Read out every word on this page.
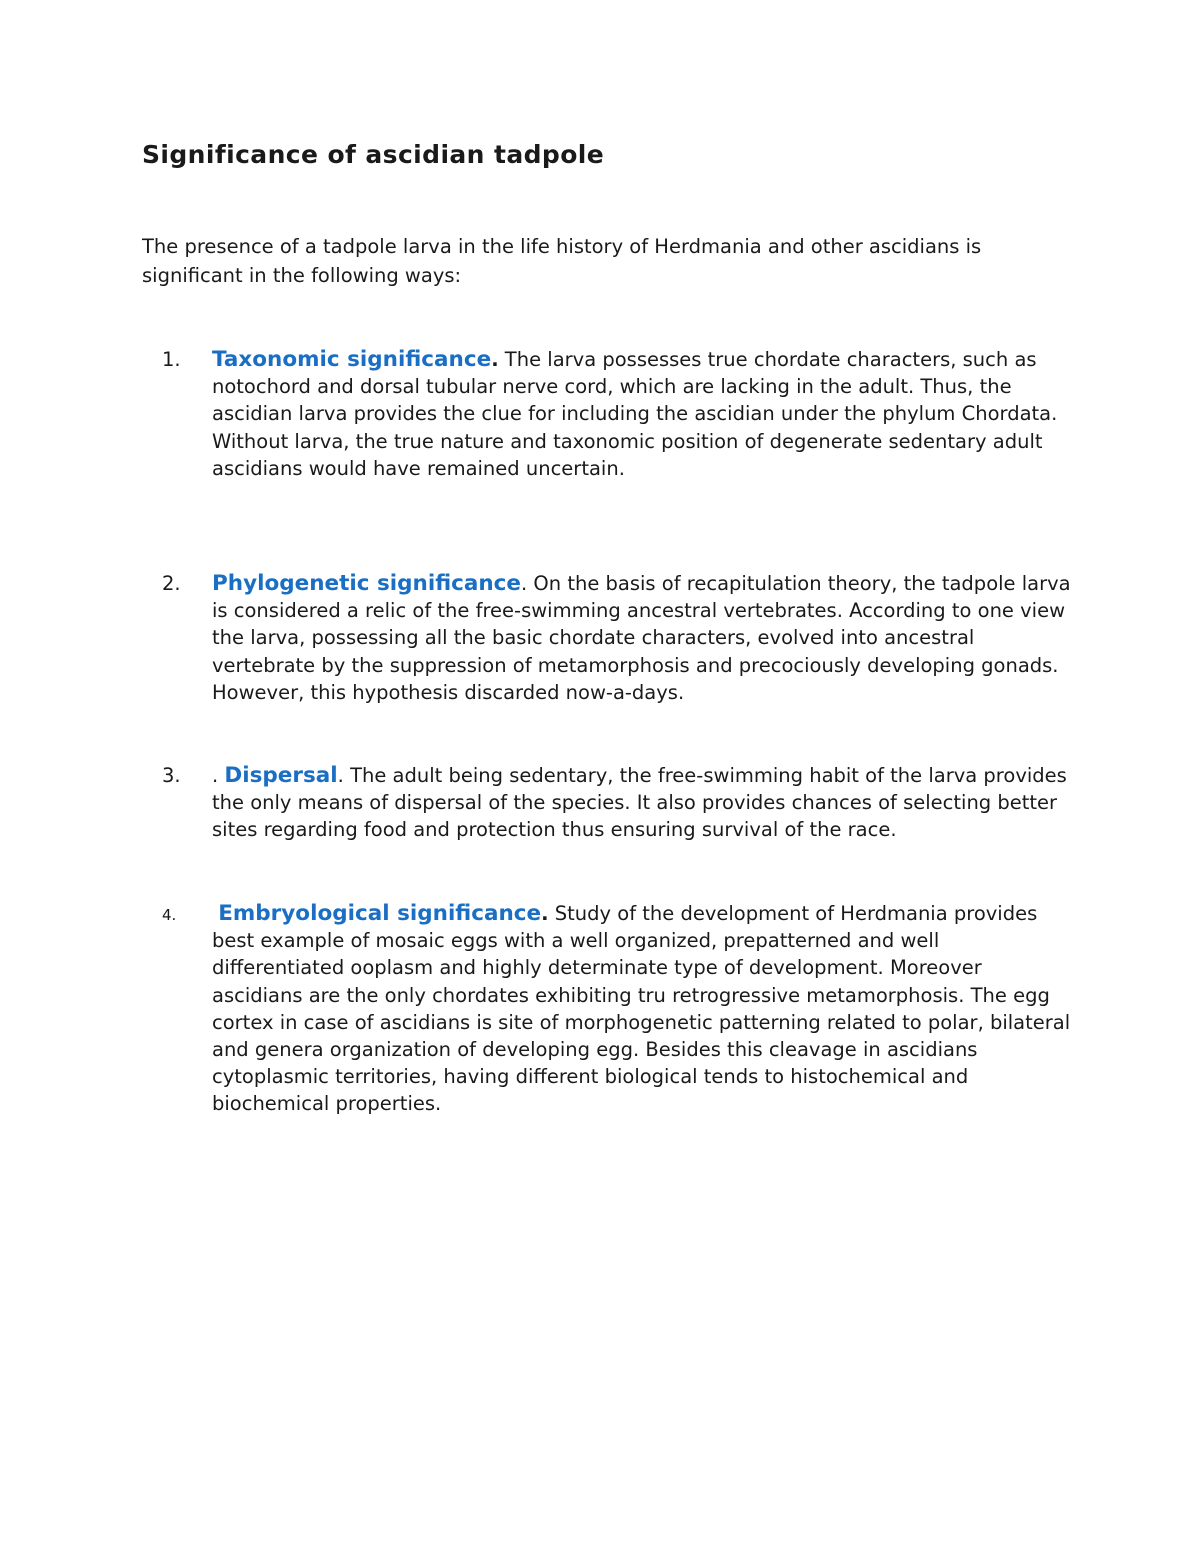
Significance of ascidian tadpole

The presence of a tadpole larva in the life history of Herdmania and other ascidians is significant in the following ways:

1.	Taxonomic significance. The larva possesses true chordate characters, such as notochord and dorsal tubular nerve cord, which are lacking in the adult. Thus, the ascidian larva provides the clue for including the ascidian under the phylum Chordata. Without larva, the true nature and taxonomic position of degenerate sedentary adult ascidians would have remained uncertain.
2.	Phylogenetic significance. On the basis of recapitulation theory, the tadpole larva is considered a relic of the free-swimming ancestral vertebrates. According to one view the larva, possessing all the basic chordate characters, evolved into ancestral vertebrate by the suppression of metamorphosis and precociously developing gonads. However, this hypothesis discarded now-a-days.
3.	. Dispersal. The adult being sedentary, the free-swimming habit of the larva provides the only means of dispersal of the species. It also provides chances of selecting better sites regarding food and protection thus ensuring survival of the race.
4.	Embryological significance. Study of the development of Herdmania provides best example of mosaic eggs with a well organized, prepatterned and well differentiated ooplasm and highly determinate type of development. Moreover ascidians are the only chordates exhibiting tru retrogressive metamorphosis. The egg cortex in case of ascidians is site of morphogenetic patterning related to polar, bilateral and genera organization of developing egg. Besides this cleavage in ascidians cytoplasmic territories, having different biological tends to histochemical and biochemical properties.
